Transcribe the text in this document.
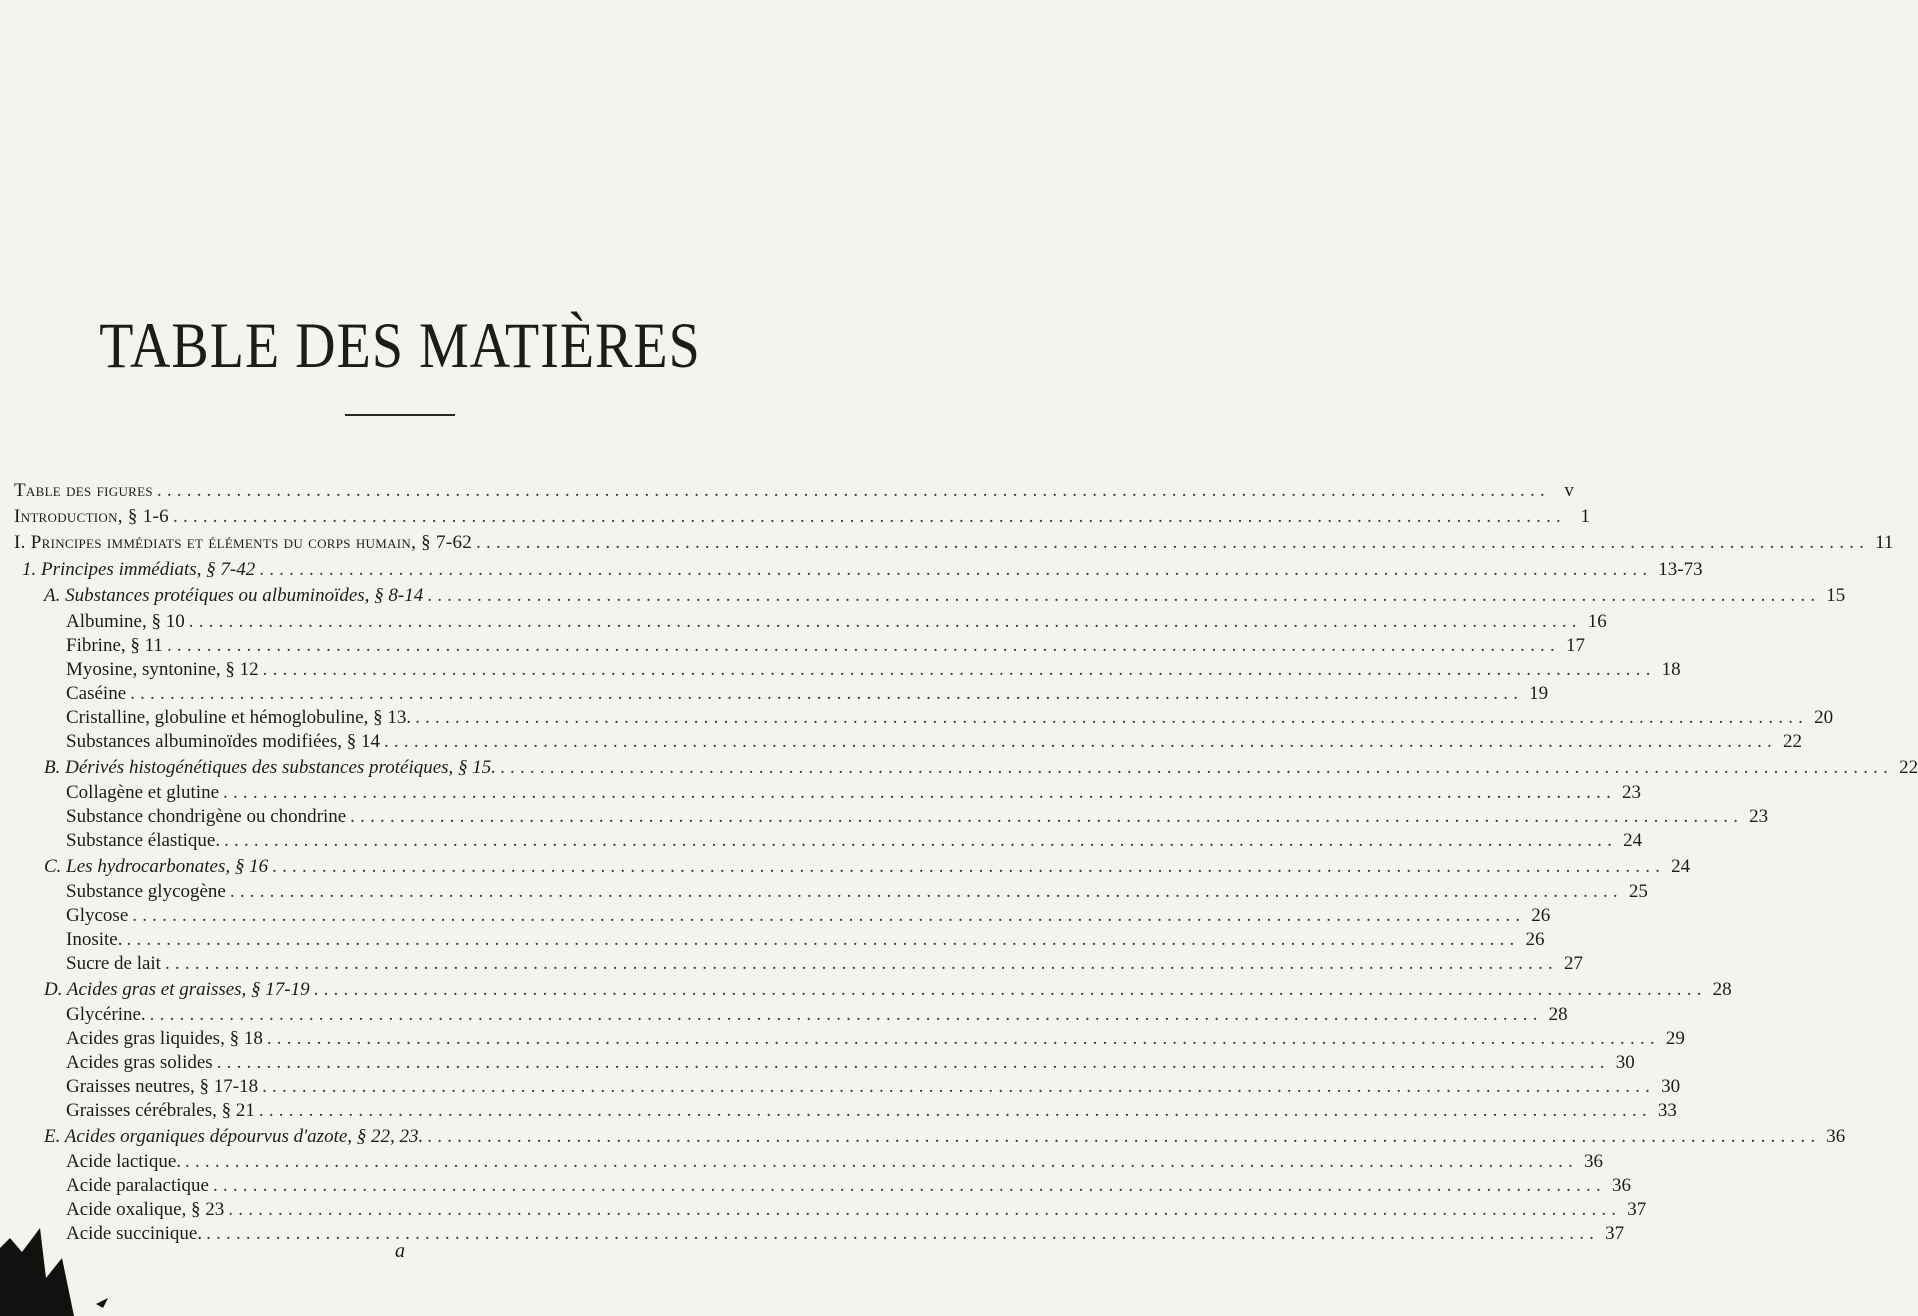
TABLE DES MATIÈRES
Table des figures ............................................................................................................................................ v
Introduction, § 1-6 ............................................................................................................................................ 1
I. Principes immédiats et éléments du corps humain, § 7-62 ............................................................................................................................................ 11
1. Principes immédiats, § 7-42 ............................................................................................................................................ 13-73
A. Substances protéiques ou albuminoïdes, § 8-14 ............................................................................................................................................ 15
Albumine, § 10 ............................................................................................................................................ 16
Fibrine, § 11 ............................................................................................................................................ 17
Myosine, syntonine, § 12 ............................................................................................................................................ 18
Caséine ............................................................................................................................................ 19
Cristalline, globuline et hémoglobuline, § 13. ............................................................................................................................................ 20
Substances albuminoïdes modifiées, § 14 ............................................................................................................................................ 22
B. Dérivés histogénétiques des substances protéiques, § 15. ............................................................................................................................................ 22
Collagène et glutine ............................................................................................................................................ 23
Substance chondrigène ou chondrine ............................................................................................................................................ 23
Substance élastique. ............................................................................................................................................ 24
C. Les hydrocarbonates, § 16 ............................................................................................................................................ 24
Substance glycogène ............................................................................................................................................ 25
Glycose ............................................................................................................................................ 26
Inosite. ............................................................................................................................................ 26
Sucre de lait ............................................................................................................................................ 27
D. Acides gras et graisses, § 17-19 ............................................................................................................................................ 28
Glycérine. ............................................................................................................................................ 28
Acides gras liquides, § 18 ............................................................................................................................................ 29
Acides gras solides ............................................................................................................................................ 30
Graisses neutres, § 17-18 ............................................................................................................................................ 30
Graisses cérébrales, § 21 ............................................................................................................................................ 33
E. Acides organiques dépourvus d'azote, § 22, 23. ............................................................................................................................................ 36
Acide lactique. ............................................................................................................................................ 36
Acide paralactique ............................................................................................................................................ 36
Acide oxalique, § 23 ............................................................................................................................................ 37
Acide succinique. ............................................................................................................................................ 37
a
